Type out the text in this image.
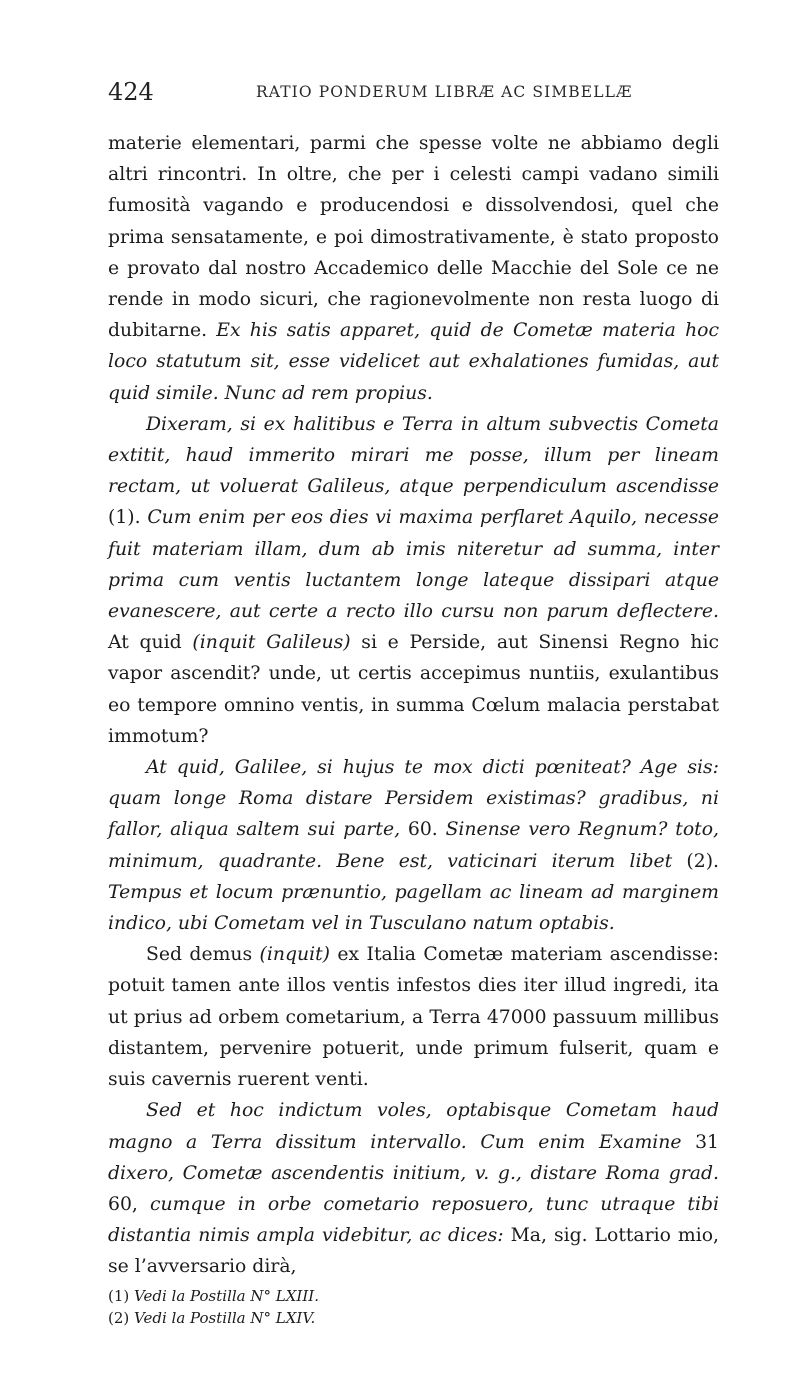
424	RATIO PONDERUM LIBRÆ AC SIMBELLÆ

materie elementari, parmi che spesse volte ne abbiamo degli altri rincontri. In oltre, che per i celesti campi vadano simili fumosità vagando e producendosi e dissolvendosi, quel che prima sensatamente, e poi dimostrativamente, è stato proposto e provato dal nostro Accademico delle Macchie del Sole ce ne rende in modo sicuri, che ragionevolmente non resta luogo di dubitarne. Ex his satis apparet, quid de Cometæ materia hoc loco statutum sit, esse videlicet aut exhalationes fumidas, aut quid simile. Nunc ad rem propius.

Dixeram, si ex halitibus e Terra in altum subvectis Cometa extitit, haud immerito mirari me posse, illum per lineam rectam, ut voluerat Galileus, atque perpendiculum ascendisse (1). Cum enim per eos dies vi maxima perflaret Aquilo, necesse fuit materiam illam, dum ab imis niteretur ad summa, inter prima cum ventis luctantem longe lateque dissipari atque evanescere, aut certe a recto illo cursu non parum deflectere. At quid (inquit Galileus) si e Perside, aut Sinensi Regno hic vapor ascendit? unde, ut certis accepimus nuntiis, exulantibus eo tempore omnino ventis, in summa Cœlum malacia perstabat immotum?

At quid, Galilee, si hujus te mox dicti pœniteat? Age sis: quam longe Roma distare Persidem existimas? gradibus, ni fallor, aliqua saltem sui parte, 60. Sinense vero Regnum? toto, minimum, quadrante. Bene est, vaticinari iterum libet (2). Tempus et locum prænuntio, pagellam ac lineam ad marginem indico, ubi Cometam vel in Tusculano natum optabis.

Sed demus (inquit) ex Italia Cometæ materiam ascendisse: potuit tamen ante illos ventis infestos dies iter illud ingredi, ita ut prius ad orbem cometarium, a Terra 47000 passuum millibus distantem, pervenire potuerit, unde primum fulserit, quam e suis cavernis ruerent venti.

Sed et hoc indictum voles, optabisque Cometam haud magno a Terra dissitum intervallo. Cum enim Examine 31 dixero, Cometæ ascendentis initium, v. g., distare Roma grad. 60, cumque in orbe cometario reposuero, tunc utraque tibi distantia nimis ampla videbitur, ac dices: Ma, sig. Lottario mio, se l’avversario dirà,

(1) Vedi la Postilla N° LXIII.
(2) Vedi la Postilla N° LXIV.
